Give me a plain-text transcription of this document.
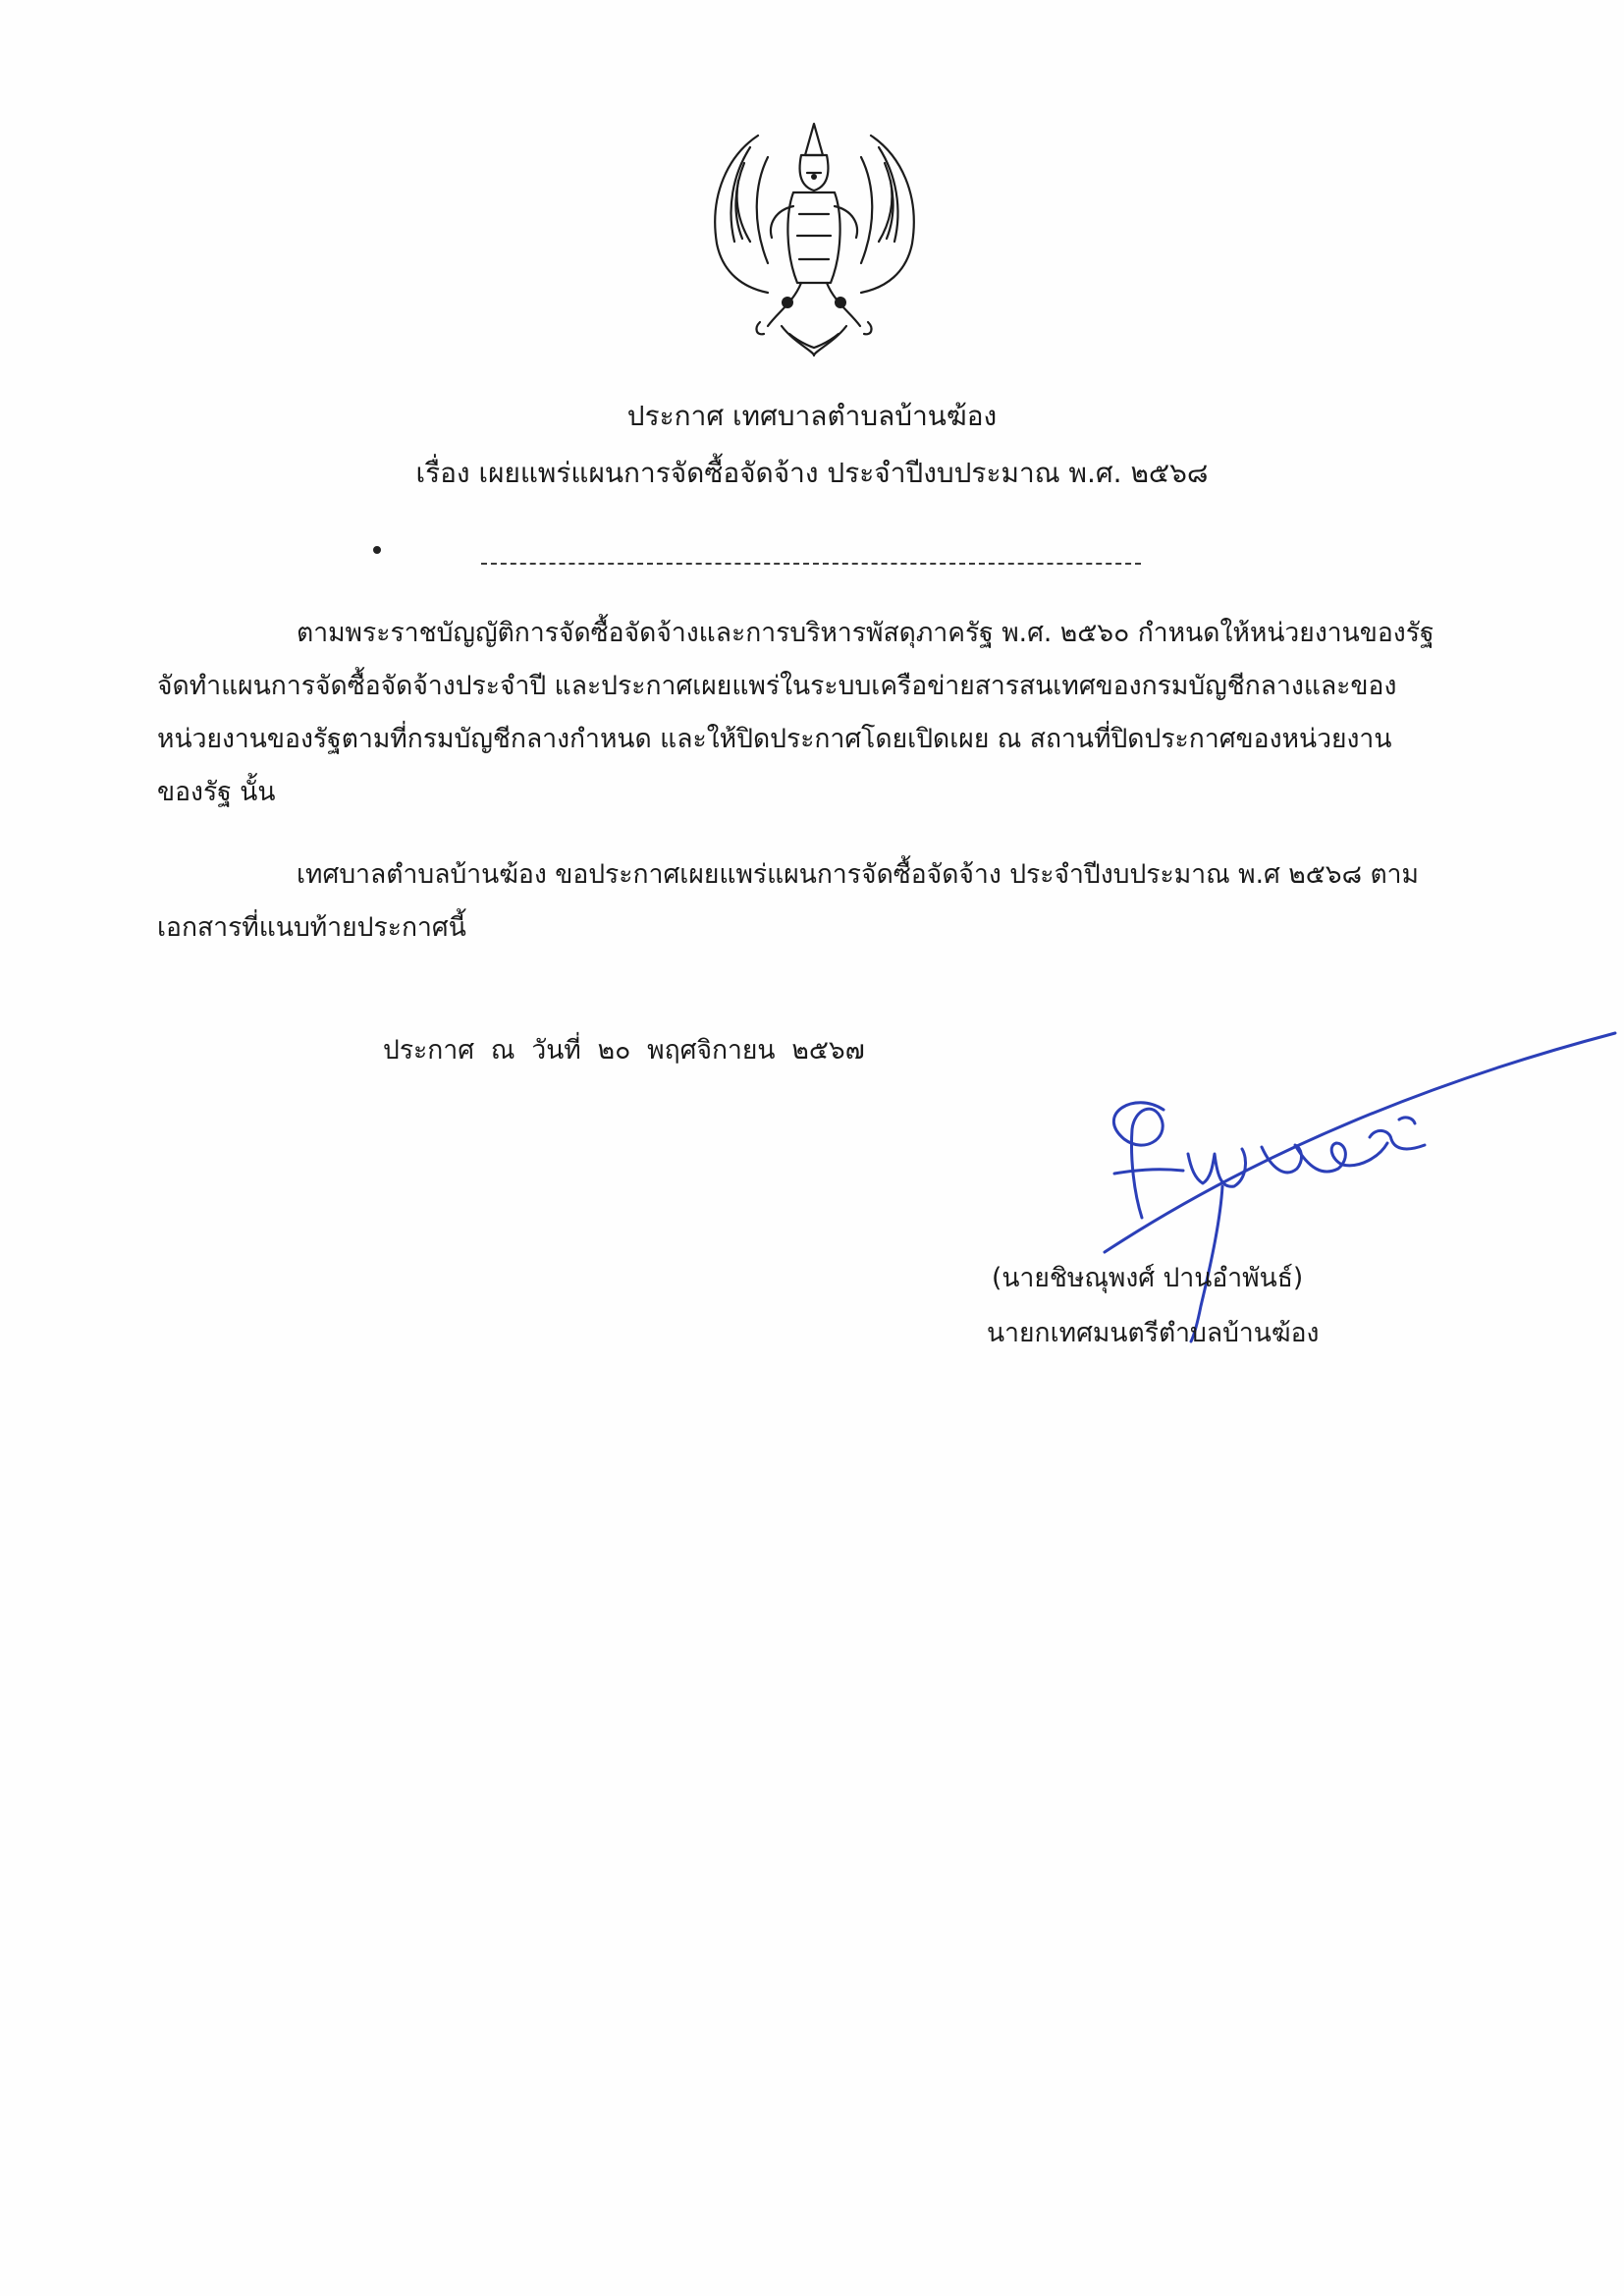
ประกาศ เทศบาลตำบลบ้านฆ้อง
เรื่อง เผยแพร่แผนการจัดซื้อจัดจ้าง ประจำปีงบประมาณ พ.ศ. ๒๕๖๘
ตามพระราชบัญญัติการจัดซื้อจัดจ้างและการบริหารพัสดุภาครัฐ พ.ศ. ๒๕๖๐ กำหนดให้หน่วยงานของรัฐ
จัดทำแผนการจัดซื้อจัดจ้างประจำปี และประกาศเผยแพร่ในระบบเครือข่ายสารสนเทศของกรมบัญชีกลางและของ
หน่วยงานของรัฐตามที่กรมบัญชีกลางกำหนด และให้ปิดประกาศโดยเปิดเผย ณ สถานที่ปิดประกาศของหน่วยงาน
ของรัฐ นั้น
เทศบาลตำบลบ้านฆ้อง ขอประกาศเผยแพร่แผนการจัดซื้อจัดจ้าง ประจำปีงบประมาณ พ.ศ ๒๕๖๘ ตาม
เอกสารที่แนบท้ายประกาศนี้
ประกาศ  ณ  วันที่  ๒๐  พฤศจิกายน  ๒๕๖๗
(นายชิษณุพงศ์ ปานอำพันธ์)
นายกเทศมนตรีตำบลบ้านฆ้อง
